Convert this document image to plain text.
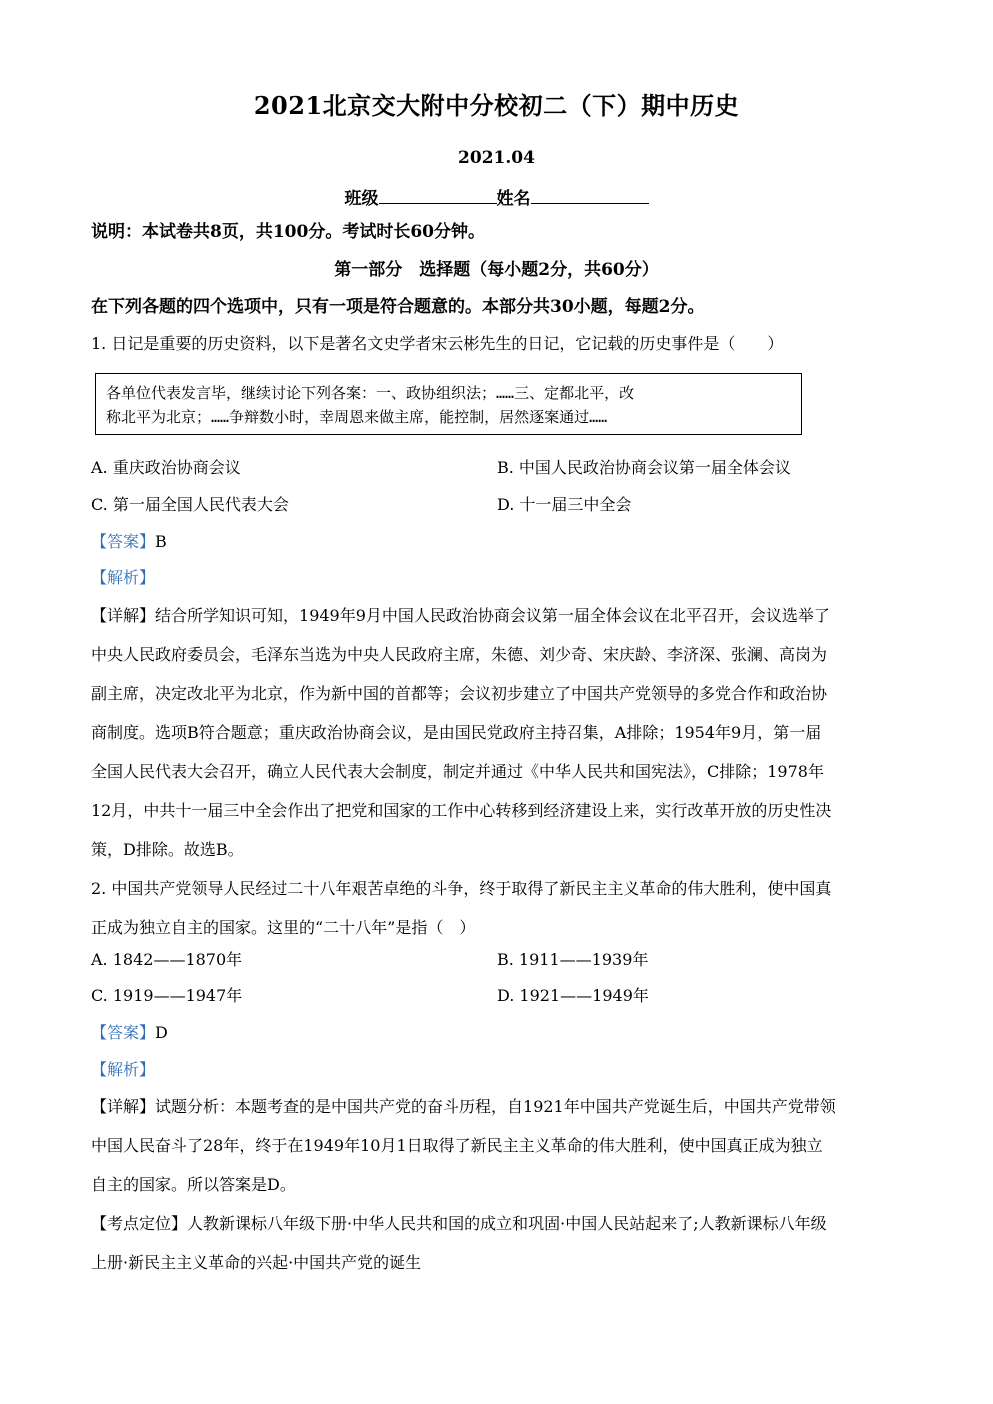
2021北京交大附中分校初二（下）期中历史
2021.04
班级	姓名
说明：本试卷共8页，共100分。考试时长60分钟。
第一部分　选择题（每小题2分，共60分）
在下列各题的四个选项中，只有一项是符合题意的。本部分共30小题，每题2分。
1. 日记是重要的历史资料，以下是著名文史学者宋云彬先生的日记，它记载的历史事件是（　　）
各单位代表发言毕，继续讨论下列各案：一、政协组织法；……三、定都北平，改
称北平为北京；……争辩数小时，幸周恩来做主席，能控制，居然逐案通过……
A. 重庆政治协商会议	B. 中国人民政治协商会议第一届全体会议
C. 第一届全国人民代表大会	D. 十一届三中全会
【答案】B
【解析】
【详解】结合所学知识可知，1949年9月中国人民政治协商会议第一届全体会议在北平召开，会议选举了
中央人民政府委员会，毛泽东当选为中央人民政府主席，朱德、刘少奇、宋庆龄、李济深、张澜、高岗为
副主席，决定改北平为北京，作为新中国的首都等；会议初步建立了中国共产党领导的多党合作和政治协
商制度。选项B符合题意；重庆政治协商会议，是由国民党政府主持召集，A排除；1954年9月，第一届
全国人民代表大会召开，确立人民代表大会制度，制定并通过《中华人民共和国宪法》，C排除；1978年
12月，中共十一届三中全会作出了把党和国家的工作中心转移到经济建设上来，实行改革开放的历史性决
策，D排除。故选B。
2. 中国共产党领导人民经过二十八年艰苦卓绝的斗争，终于取得了新民主主义革命的伟大胜利，使中国真
正成为独立自主的国家。这里的“二十八年”是指（　）
A. 1842——1870年	B. 1911——1939年
C. 1919——1947年	D. 1921——1949年
【答案】D
【解析】
【详解】试题分析：本题考查的是中国共产党的奋斗历程，自1921年中国共产党诞生后，中国共产党带领
中国人民奋斗了28年，终于在1949年10月1日取得了新民主主义革命的伟大胜利，使中国真正成为独立
自主的国家。所以答案是D。
【考点定位】人教新课标八年级下册·中华人民共和国的成立和巩固·中国人民站起来了;人教新课标八年级
上册·新民主主义革命的兴起·中国共产党的诞生
